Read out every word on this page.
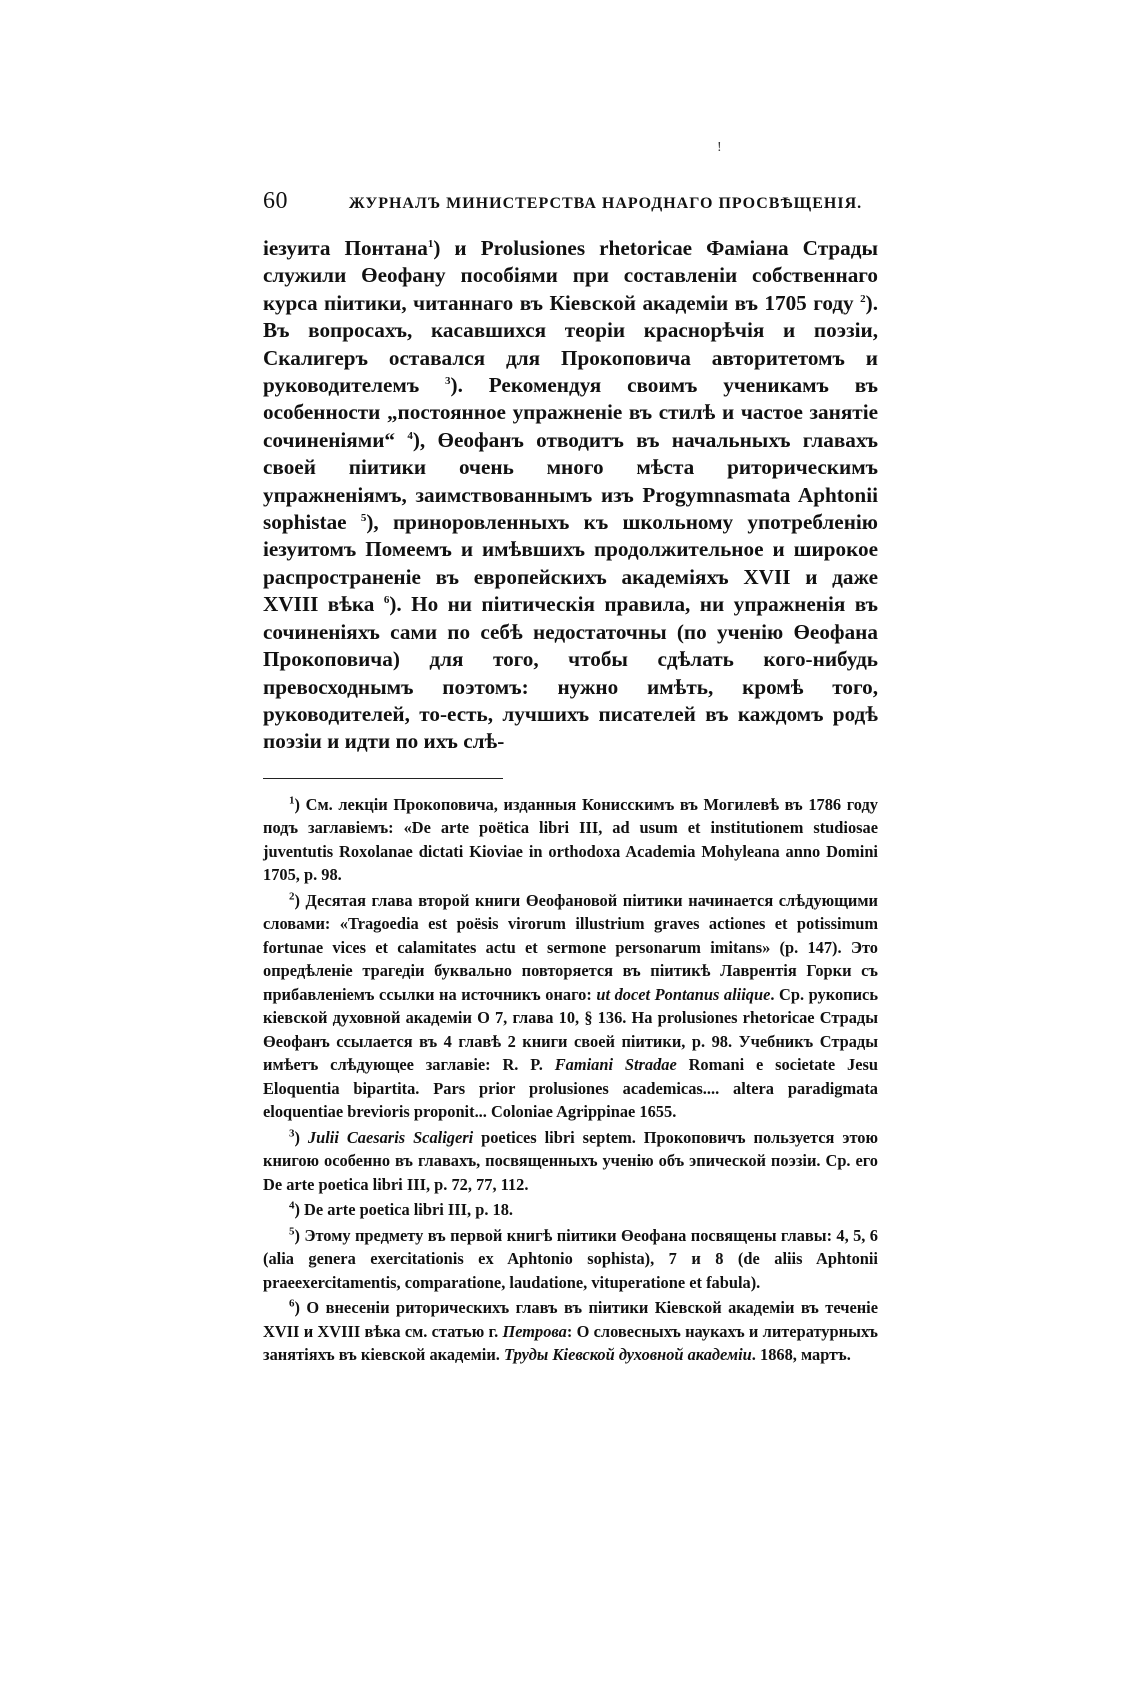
!
60	ЖУРНАЛЪ МИНИСТЕРСТВА НАРОДНАГО ПРОСВѢЩЕНІЯ.

іезуита Понтана$^1$) и Prolusiones rhetoricae Фаміана Страды служили Өеофану пособіями при составленіи собственнаго курса піитики, читаннаго въ Кіевской академіи въ 1705 году $^2$). Въ вопросахъ, касавшихся теоріи краснорѣчія и поэзіи, Скалигеръ оставался для Прокоповича авторитетомъ и руководителемъ $^3$). Рекомендуя своимъ ученикамъ въ особенности „постоянное упражненіе въ стилѣ и частое занятіе сочиненіями“ $^4$), Өеофанъ отводитъ въ начальныхъ главахъ своей піитики очень много мѣста риторическимъ упражненіямъ, заимствованнымъ изъ Progymnasmata Aphtonii sophistae $^5$), приноровленныхъ къ школьному употребленію іезуитомъ Помеемъ и имѣвшихъ продолжительное и широкое распространеніе въ европейскихъ академіяхъ XVII и даже XVIII вѣка $^6$). Но ни піитическія правила, ни упражненія въ сочиненіяхъ сами по себѣ недостаточны (по ученію Өеофана Прокоповича) для того, чтобы сдѣлать кого-нибудь превосходнымъ поэтомъ: нужно имѣть, кромѣ того, руководителей, то-есть, лучшихъ писателей въ каждомъ родѣ поэзіи и идти по ихъ слѣ-

$^1$) См. лекціи Прокоповича, изданныя Конисскимъ въ Могилевѣ въ 1786 году подъ заглавіемъ: «De arte poëtica libri III, ad usum et institutionem studiosae juventutis Roxolanae dictati Kioviae in orthodoxa Academia Mohyleana anno Domini 1705, p. 98.

$^2$) Десятая глава второй книги Өеофановой піитики начинается слѣдующими словами: «Tragoedia est poësis virorum illustrium graves actiones et potissimum fortunae vices et calamitates actu et sermone personarum imitans» (p. 147). Это опредѣленіе трагедіи буквально повторяется въ піитикѣ Лаврентія Горки съ прибавленіемъ ссылки на источникъ онаго: ut docet Pontanus aliique. Ср. рукопись кіевской духовной академіи О 7, глава 10, § 136. На prolusiones rhetoricae Страды Өеофанъ ссылается въ 4 главѣ 2 книги своей піитики, р. 98. Учебникъ Страды имѣетъ слѣдующее заглавіе: R. P. Famiani Stradae Romani e societate Jesu Eloquentia bipartita. Pars prior prolusiones academicas.... altera paradigmata eloquentiae brevioris proponit... Coloniae Agrippinae 1655.

$^3$) Julii Caesaris Scaligeri poetices libri septem. Прокоповичъ пользуется этою книгою особенно въ главахъ, посвященныхъ ученію объ эпической поэзіи. Ср. его De arte poetica libri III, p. 72, 77, 112.

$^4$) De arte poetica libri III, p. 18.

$^5$) Этому предмету въ первой книгѣ піитики Өеофана посвящены главы: 4, 5, 6 (alia genera exercitationis ex Aphtonio sophista), 7 и 8 (de aliis Aphtonii praeexercitamentis, comparatione, laudatione, vituperatione et fabula).

$^6$) О внесеніи риторическихъ главъ въ піитики Кіевской академіи въ теченіе XVII и XVIII вѣка см. статью г. Петрова: О словесныхъ наукахъ и литературныхъ занятіяхъ въ кіевской академіи. Труды Кіевской духовной академіи. 1868, мартъ.
